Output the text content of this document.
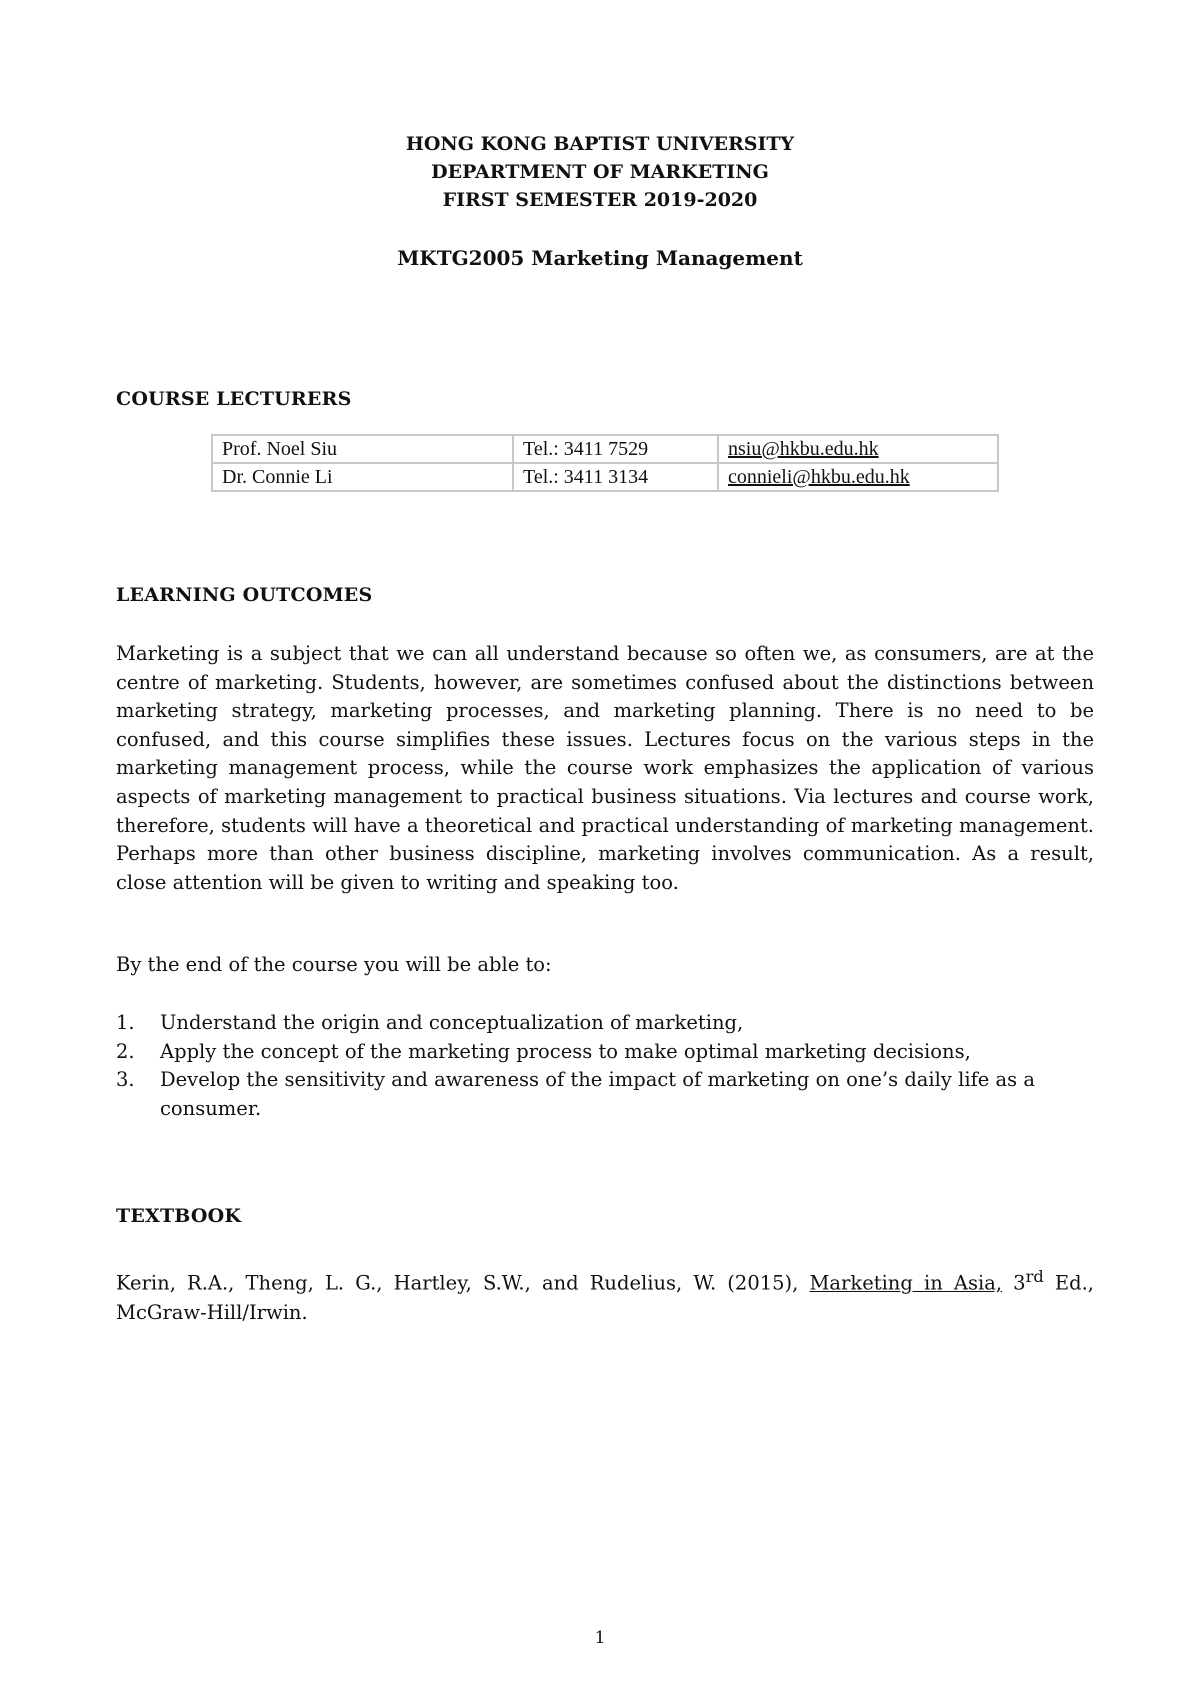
HONG KONG BAPTIST UNIVERSITY
DEPARTMENT OF MARKETING
FIRST SEMESTER 2019-2020
MKTG2005 Marketing Management
COURSE LECTURERS
Prof. Noel Siu	Tel.: 3411 7529	nsiu@hkbu.edu.hk
Dr. Connie Li	Tel.: 3411 3134	connieli@hkbu.edu.hk
LEARNING OUTCOMES
Marketing is a subject that we can all understand because so often we, as consumers, are at the centre of marketing. Students, however, are sometimes confused about the distinctions between marketing strategy, marketing processes, and marketing planning. There is no need to be confused, and this course simplifies these issues. Lectures focus on the various steps in the marketing management process, while the course work emphasizes the application of various aspects of marketing management to practical business situations. Via lectures and course work, therefore, students will have a theoretical and practical understanding of marketing management. Perhaps more than other business discipline, marketing involves communication. As a result, close attention will be given to writing and speaking too.
By the end of the course you will be able to:
1. Understand the origin and conceptualization of marketing,
2. Apply the concept of the marketing process to make optimal marketing decisions,
3. Develop the sensitivity and awareness of the impact of marketing on one’s daily life as a consumer.
TEXTBOOK
Kerin, R.A., Theng, L. G., Hartley, S.W., and Rudelius, W. (2015), Marketing in Asia, 3rd Ed., McGraw-Hill/Irwin.
1
